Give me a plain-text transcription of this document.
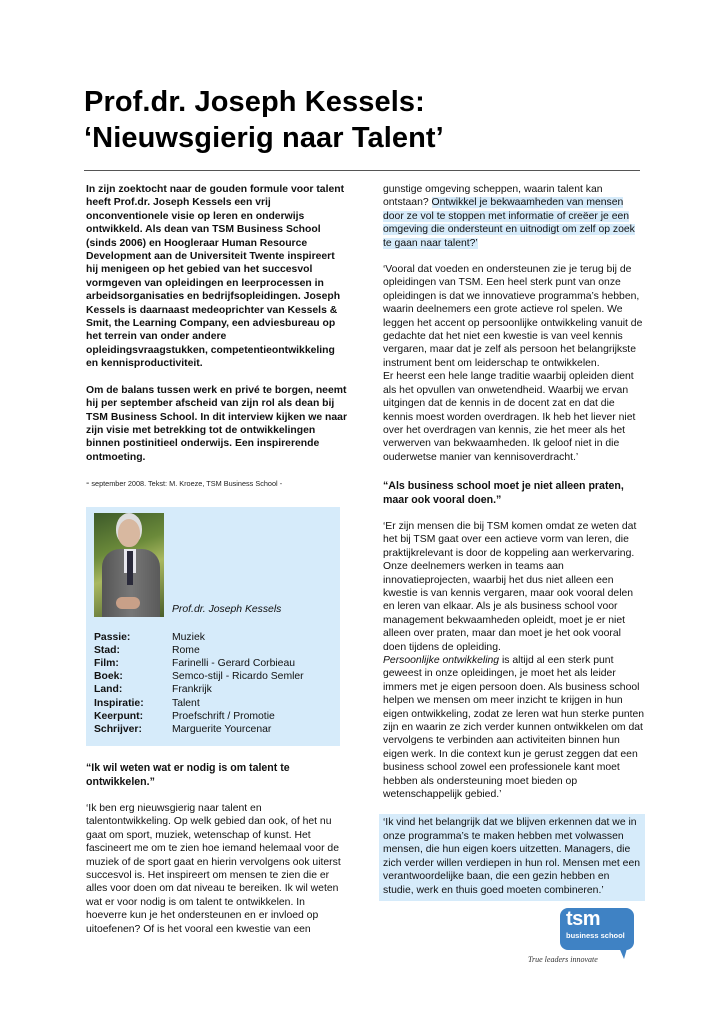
Prof.dr. Joseph Kessels:
‘Nieuwsgierig naar Talent’

In zijn zoektocht naar de gouden formule voor talent heeft Prof.dr. Joseph Kessels een vrij onconventionele visie op leren en onderwijs ontwikkeld. Als dean van TSM Business School (sinds 2006) en Hoogleraar Human Resource Development aan de Universiteit Twente inspireert hij menigeen op het gebied van het succesvol vormgeven van opleidingen en leerprocessen in arbeidsorganisaties en bedrijfsopleidingen. Joseph Kessels is daarnaast medeoprichter van Kessels & Smit, the Learning Company, een adviesbureau op het terrein van onder andere opleidingsvraagstukken, competentieontwikkeling en kennisproductiviteit.

Om de balans tussen werk en privé te borgen, neemt hij per september afscheid van zijn rol als dean bij TSM Business School. In dit interview kijken we naar zijn visie met betrekking tot de ontwikkelingen binnen postinitieel onderwijs. Een inspirerende ontmoeting.

- september 2008. Tekst: M. Kroeze, TSM Business School -

Prof.dr. Joseph Kessels

Passie:	Muziek
Stad:	Rome
Film:	Farinelli - Gerard Corbieau
Boek:	Semco-stijl - Ricardo Semler
Land:	Frankrijk
Inspiratie:	Talent
Keerpunt:	Proefschrift / Promotie
Schrijver:	Marguerite Yourcenar

“Ik wil weten wat er nodig is om talent te ontwikkelen.”

‘Ik ben erg nieuwsgierig naar talent en talentontwikkeling. Op welk gebied dan ook, of het nu gaat om sport, muziek, wetenschap of kunst. Het fascineert me om te zien hoe iemand helemaal voor de muziek of de sport gaat en hierin vervolgens ook uiterst succesvol is. Het inspireert om mensen te zien die er alles voor doen om dat niveau te bereiken. Ik wil weten wat er voor nodig is om talent te ontwikkelen. In hoeverre kun je het ondersteunen en er invloed op uitoefenen? Of is het vooral een kwestie van een

gunstige omgeving scheppen, waarin talent kan ontstaan? Ontwikkel je bekwaamheden van mensen door ze vol te stoppen met informatie of creëer je een omgeving die ondersteunt en uitnodigt om zelf op zoek te gaan naar talent?’

‘Vooral dat voeden en ondersteunen zie je terug bij de opleidingen van TSM. Een heel sterk punt van onze opleidingen is dat we innovatieve programma’s hebben, waarin deelnemers een grote actieve rol spelen. We leggen het accent op persoonlijke ontwikkeling vanuit de gedachte dat het niet een kwestie is van veel kennis vergaren, maar dat je zelf als persoon het belangrijkste instrument bent om leiderschap te ontwikkelen.

Er heerst een hele lange traditie waarbij opleiden dient als het opvullen van onwetendheid. Waarbij we ervan uitgingen dat de kennis in de docent zat en dat die kennis moest worden overdragen. Ik heb het liever niet over het overdragen van kennis, zie het meer als het verwerven van bekwaamheden. Ik geloof niet in die ouderwetse manier van kennisoverdracht.’

“Als business school moet je niet alleen praten, maar ook vooral doen.”

‘Er zijn mensen die bij TSM komen omdat ze weten dat het bij TSM gaat over een actieve vorm van leren, die praktijkrelevant is door de koppeling aan werkervaring. Onze deelnemers werken in teams aan innovatieprojecten, waarbij het dus niet alleen een kwestie is van kennis vergaren, maar ook vooral delen en leren van elkaar. Als je als business school voor management bekwaamheden opleidt, moet je er niet alleen over praten, maar dan moet je het ook vooral doen tijdens de opleiding.

Persoonlijke ontwikkeling is altijd al een sterk punt geweest in onze opleidingen, je moet het als leider immers met je eigen persoon doen. Als business school helpen we mensen om meer inzicht te krijgen in hun eigen ontwikkeling, zodat ze leren wat hun sterke punten zijn en waarin ze zich verder kunnen ontwikkelen om dat vervolgens te verbinden aan activiteiten binnen hun eigen werk. In die context kun je gerust zeggen dat een business school zowel een professionele kant moet hebben als ondersteuning moet bieden op wetenschappelijk gebied.’

‘Ik vind het belangrijk dat we blijven erkennen dat we in onze programma’s te maken hebben met volwassen mensen, die hun eigen koers uitzetten. Managers, die zich verder willen verdiepen in hun rol. Mensen met een verantwoordelijke baan, die een gezin hebben en studie, werk en thuis goed moeten combineren.’

tsm
business school
True leaders innovate
